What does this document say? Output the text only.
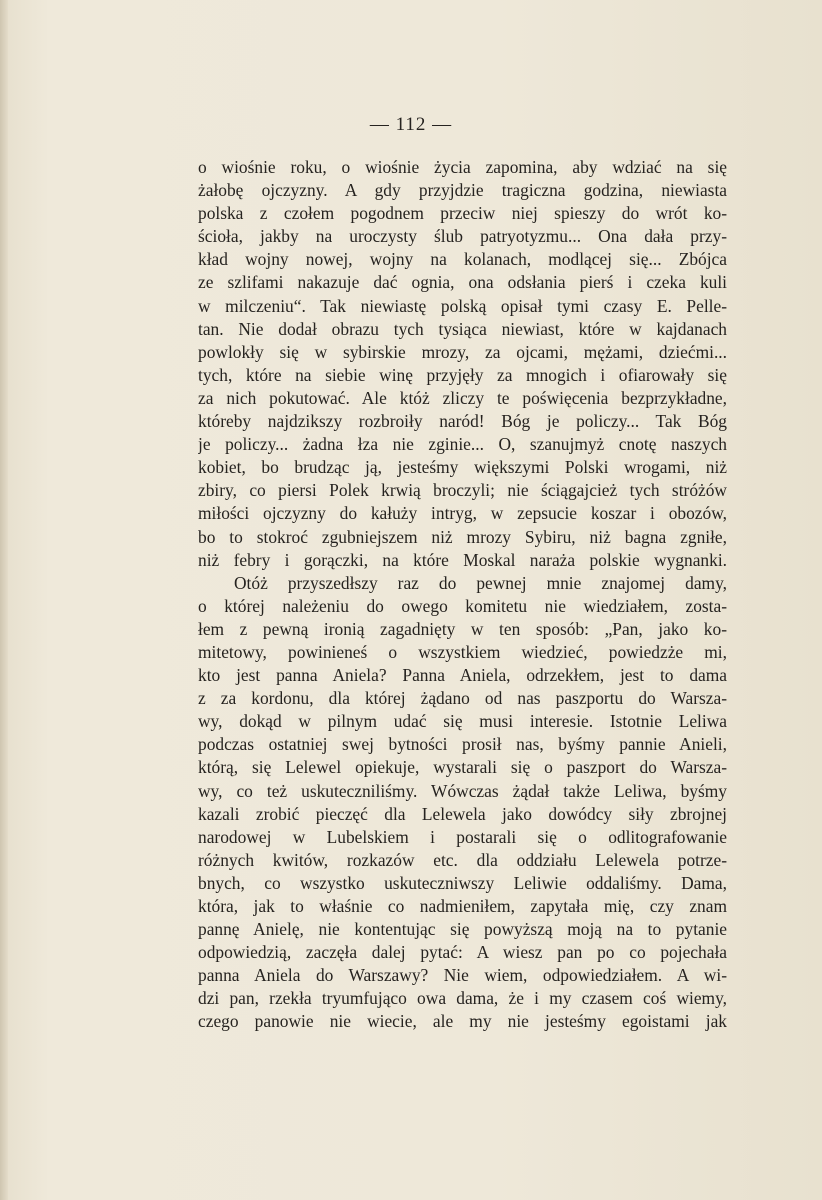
— 112 —
o wiośnie roku, o wiośnie życia zapomina, aby wdziać na się
żałobę ojczyzny. A gdy przyjdzie tragiczna godzina, niewiasta
polska z czołem pogodnem przeciw niej spieszy do wrót ko-
ścioła, jakby na uroczysty ślub patryotyzmu... Ona dała przy-
kład wojny nowej, wojny na kolanach, modlącej się... Zbójca
ze szlifami nakazuje dać ognia, ona odsłania pierś i czeka kuli
w milczeniu“. Tak niewiastę polską opisał tymi czasy E. Pelle-
tan. Nie dodał obrazu tych tysiąca niewiast, które w kajdanach
powlokły się w sybirskie mrozy, za ojcami, mężami, dziećmi...
tych, które na siebie winę przyjęły za mnogich i ofiarowały się
za nich pokutować. Ale któż zliczy te poświęcenia bezprzykładne,
któreby najdzikszy rozbroiły naród! Bóg je policzy... Tak Bóg
je policzy... żadna łza nie zginie... O, szanujmyż cnotę naszych
kobiet, bo brudząc ją, jesteśmy większymi Polski wrogami, niż
zbiry, co piersi Polek krwią broczyli; nie ściągajcież tych stróżów
miłości ojczyzny do kałuży intryg, w zepsucie koszar i obozów,
bo to stokroć zgubniejszem niż mrozy Sybiru, niż bagna zgniłe,
niż febry i gorączki, na które Moskal naraża polskie wygnanki.
Otóż przyszedłszy raz do pewnej mnie znajomej damy,
o której należeniu do owego komitetu nie wiedziałem, zosta-
łem z pewną ironią zagadnięty w ten sposób: „Pan, jako ko-
mitetowy, powinieneś o wszystkiem wiedzieć, powiedzże mi,
kto jest panna Aniela? Panna Aniela, odrzekłem, jest to dama
z za kordonu, dla której żądano od nas paszportu do Warsza-
wy, dokąd w pilnym udać się musi interesie. Istotnie Leliwa
podczas ostatniej swej bytności prosił nas, byśmy pannie Anieli,
którą, się Lelewel opiekuje, wystarali się o paszport do Warsza-
wy, co też uskuteczniliśmy. Wówczas żądał także Leliwa, byśmy
kazali zrobić pieczęć dla Lelewela jako dowódcy siły zbrojnej
narodowej w Lubelskiem i postarali się o odlitografowanie
różnych kwitów, rozkazów etc. dla oddziału Lelewela potrze-
bnych, co wszystko uskuteczniwszy Leliwie oddaliśmy. Dama,
która, jak to właśnie co nadmieniłem, zapytała mię, czy znam
pannę Anielę, nie kontentując się powyższą moją na to pytanie
odpowiedzią, zaczęła dalej pytać: A wiesz pan po co pojechała
panna Aniela do Warszawy? Nie wiem, odpowiedziałem. A wi-
dzi pan, rzekła tryumfująco owa dama, że i my czasem coś wiemy,
czego panowie nie wiecie, ale my nie jesteśmy egoistami jak
